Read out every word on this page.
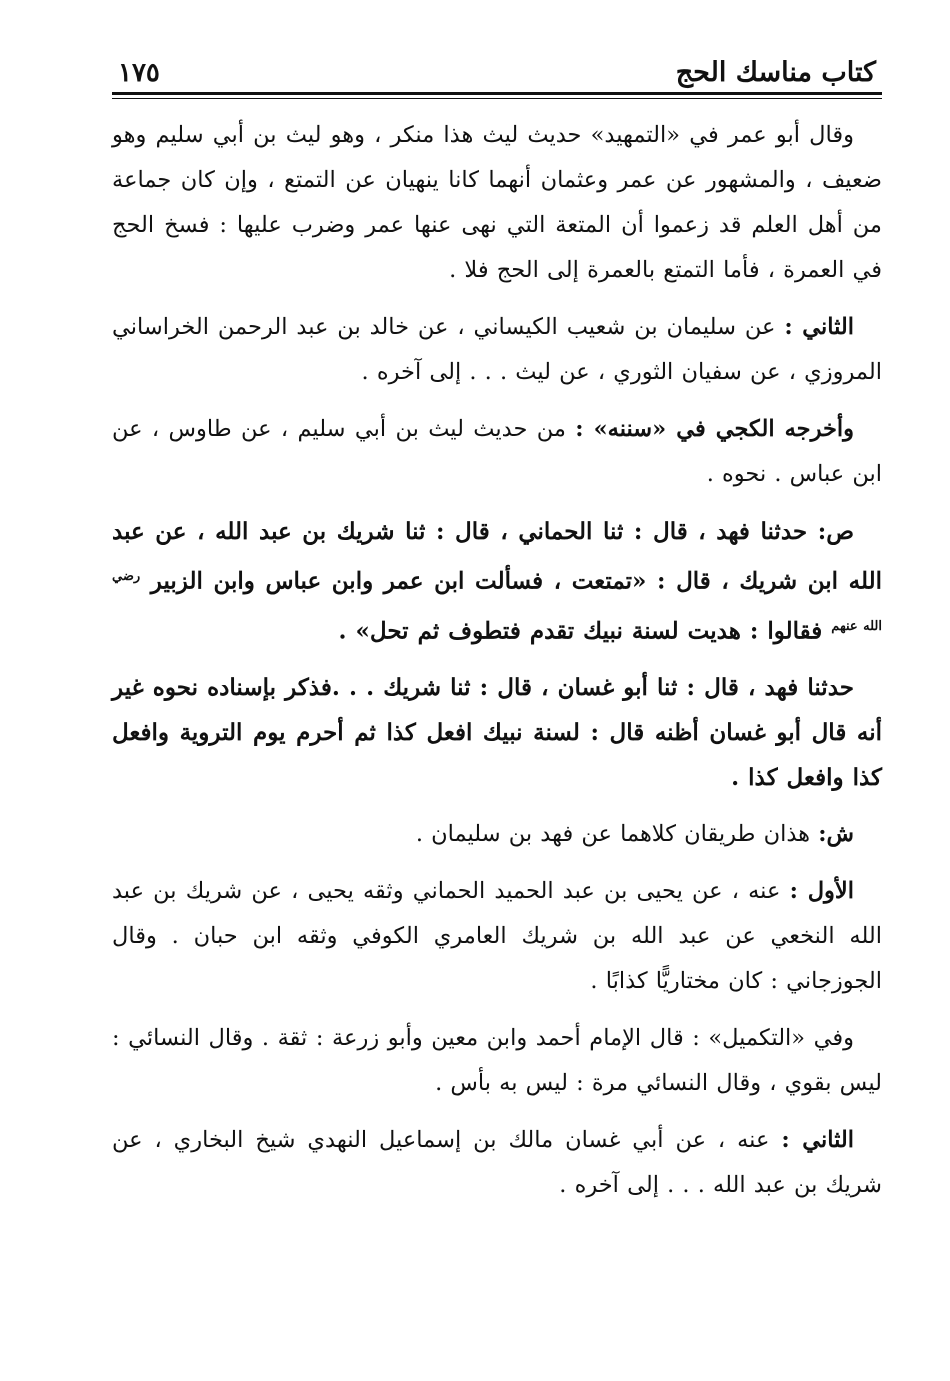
كتاب مناسك الحج
١٧٥

وقال أبو عمر في «التمهيد» حديث ليث هذا منكر ، وهو ليث بن أبي سليم وهو ضعيف ، والمشهور عن عمر وعثمان أنهما كانا ينهيان عن التمتع ، وإن كان جماعة من أهل العلم قد زعموا أن المتعة التي نهى عنها عمر وضرب عليها : فسخ الحج في العمرة ، فأما التمتع بالعمرة إلى الحج فلا .

الثاني : عن سليمان بن شعيب الكيساني ، عن خالد بن عبد الرحمن الخراساني المروزي ، عن سفيان الثوري ، عن ليث . . . إلى آخره .

وأخرجه الكجي في «سننه» : من حديث ليث بن أبي سليم ، عن طاوس ، عن ابن عباس . نحوه .

ص: حدثنا فهد ، قال : ثنا الحماني ، قال : ثنا شريك بن عبد الله ، عن عبد الله ابن شريك ، قال : «تمتعت ، فسألت ابن عمر وابن عباس وابن الزبير $^{رضي الله عنهم}$ فقالوا : هديت لسنة نبيك تقدم فتطوف ثم تحل» .

حدثنا فهد ، قال : ثنا أبو غسان ، قال : ثنا شريك . . .فذكر بإسناده نحوه غير أنه قال أبو غسان أظنه قال : لسنة نبيك افعل كذا ثم أحرم يوم التروية وافعل كذا وافعل كذا .

ش: هذان طريقان كلاهما عن فهد بن سليمان .

الأول : عنه ، عن يحيى بن عبد الحميد الحماني وثقه يحيى ، عن شريك بن عبد الله النخعي عن عبد الله بن شريك العامري الكوفي وثقه ابن حبان . وقال الجوزجاني : كان مختاريًّا كذابًا .

وفي «التكميل» : قال الإمام أحمد وابن معين وأبو زرعة : ثقة . وقال النسائي : ليس بقوي ، وقال النسائي مرة : ليس به بأس .

الثاني : عنه ، عن أبي غسان مالك بن إسماعيل النهدي شيخ البخاري ، عن شريك بن عبد الله . . . إلى آخره .
